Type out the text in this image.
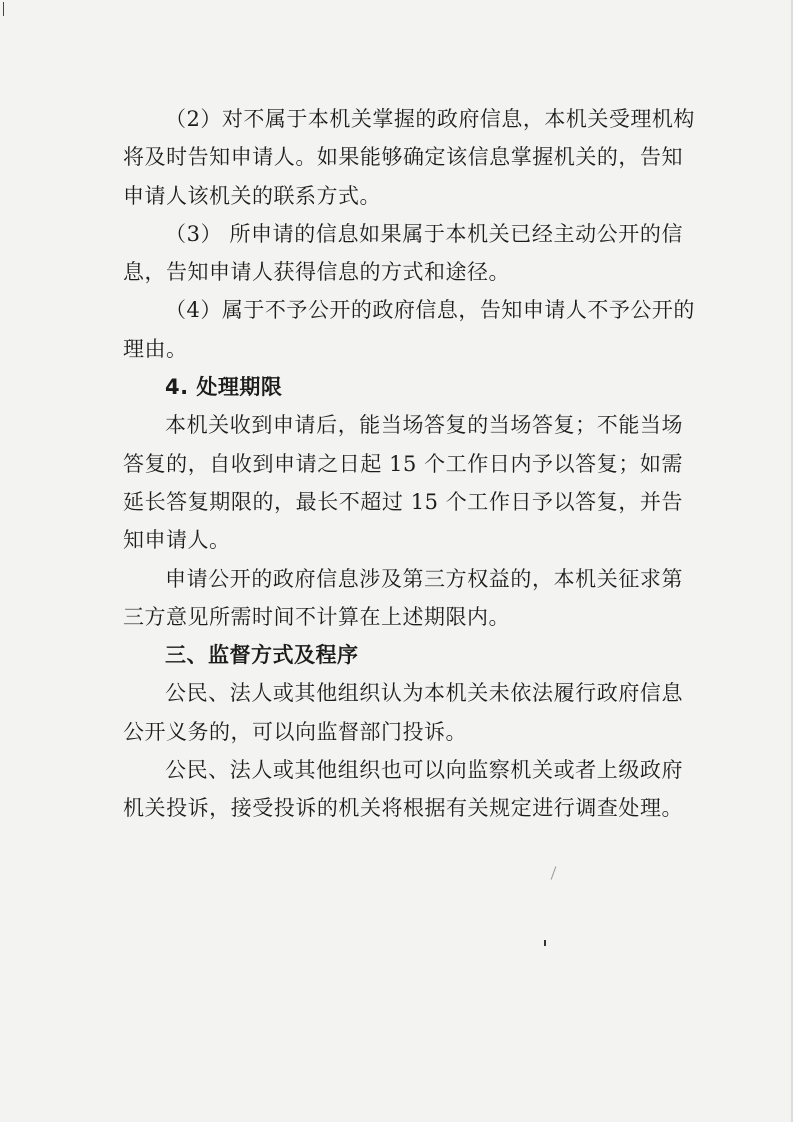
（2）对不属于本机关掌握的政府信息，本机关受理机构
将及时告知申请人。如果能够确定该信息掌握机关的，告知
申请人该机关的联系方式。
（3） 所申请的信息如果属于本机关已经主动公开的信
息，告知申请人获得信息的方式和途径。
（4）属于不予公开的政府信息，告知申请人不予公开的
理由。
4. 处理期限
本机关收到申请后，能当场答复的当场答复；不能当场
答复的，自收到申请之日起 15 个工作日内予以答复；如需
延长答复期限的，最长不超过 15 个工作日予以答复，并告
知申请人。
申请公开的政府信息涉及第三方权益的，本机关征求第
三方意见所需时间不计算在上述期限内。
三、监督方式及程序
公民、法人或其他组织认为本机关未依法履行政府信息
公开义务的，可以向监督部门投诉。
公民、法人或其他组织也可以向监察机关或者上级政府
机关投诉，接受投诉的机关将根据有关规定进行调查处理。
